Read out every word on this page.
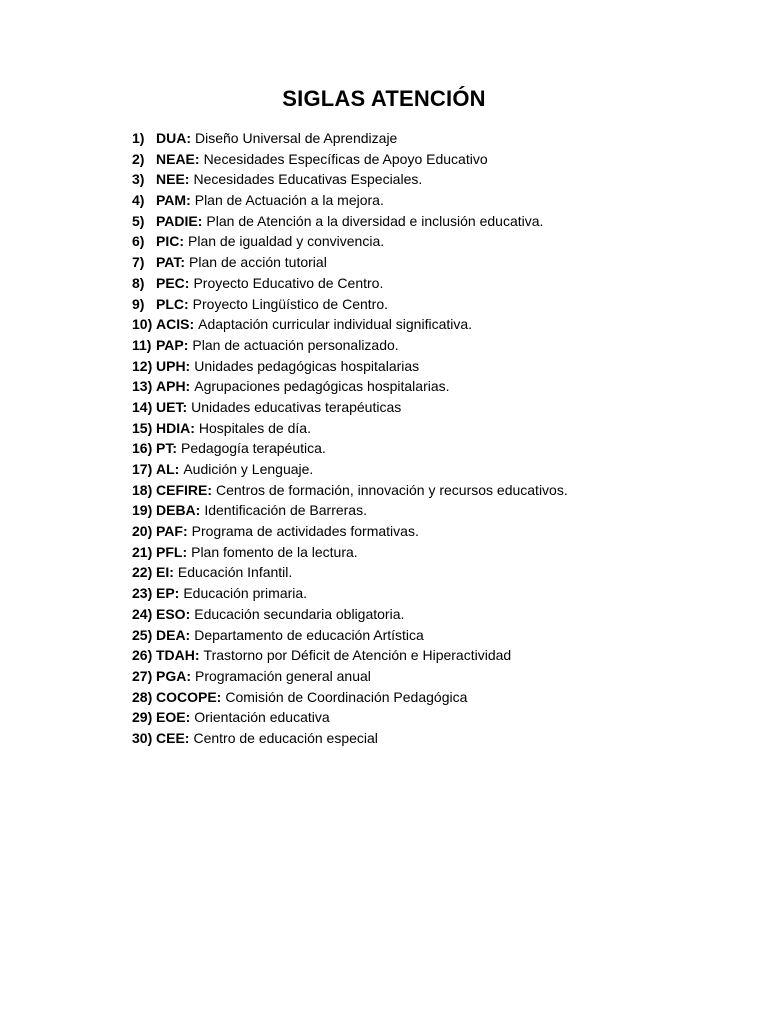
SIGLAS ATENCIÓN
1) DUA: Diseño Universal de Aprendizaje
2) NEAE: Necesidades Específicas de Apoyo Educativo
3) NEE: Necesidades Educativas Especiales.
4) PAM: Plan de Actuación a la mejora.
5) PADIE: Plan de Atención a la diversidad e inclusión educativa.
6) PIC: Plan de igualdad y convivencia.
7) PAT: Plan de acción tutorial
8) PEC: Proyecto Educativo de Centro.
9) PLC: Proyecto Lingüístico de Centro.
10) ACIS: Adaptación curricular individual significativa.
11) PAP: Plan de actuación personalizado.
12) UPH: Unidades pedagógicas hospitalarias
13) APH: Agrupaciones pedagógicas hospitalarias.
14) UET: Unidades educativas terapéuticas
15) HDIA: Hospitales de día.
16) PT: Pedagogía terapéutica.
17) AL: Audición y Lenguaje.
18) CEFIRE: Centros de formación, innovación y recursos educativos.
19) DEBA: Identificación de Barreras.
20) PAF: Programa de actividades formativas.
21) PFL: Plan fomento de la lectura.
22) EI: Educación Infantil.
23) EP: Educación primaria.
24) ESO: Educación secundaria obligatoria.
25) DEA: Departamento de educación Artística
26) TDAH: Trastorno por Déficit de Atención e Hiperactividad
27) PGA: Programación general anual
28) COCOPE: Comisión de Coordinación Pedagógica
29) EOE: Orientación educativa
30) CEE: Centro de educación especial
